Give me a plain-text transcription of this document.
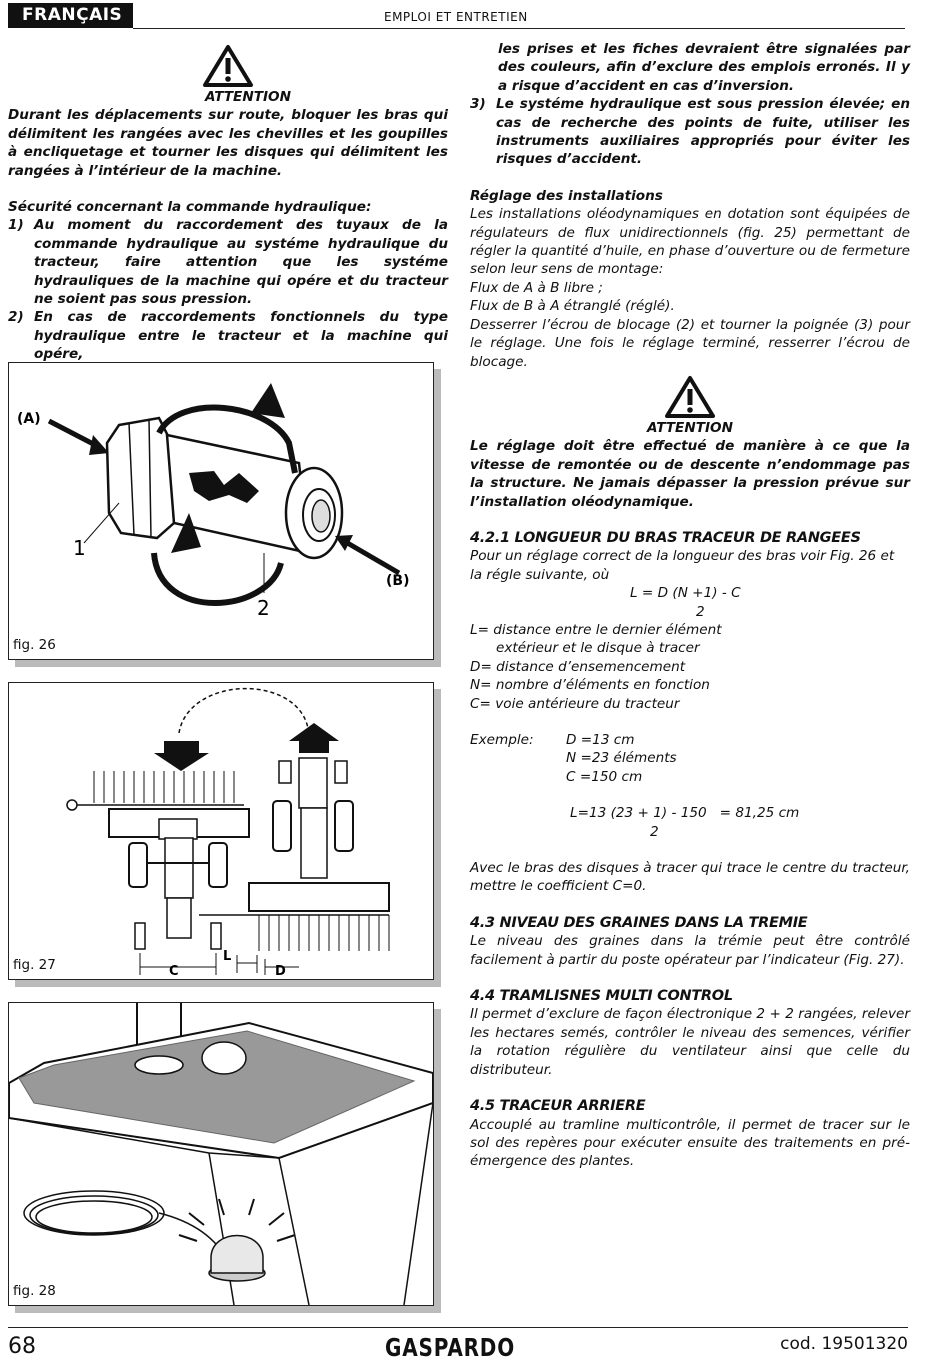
FRANÇAIS	EMPLOI ET ENTRETIEN
ATTENTION

Durant les déplacements sur route, bloquer les bras qui délimitent les rangées avec les chevilles et les goupilles à encliquetage et tourner les disques qui délimitent les rangées à l’intérieur de la machine.

Sécurité concernant la commande hydraulique:

1) Au moment du raccordement des tuyaux de la commande hydraulique au systéme hydraulique du tracteur, faire attention que les systéme hydrauliques de la machine qui opére et du tracteur ne soient pas sous pression.
2) En cas de raccordements fonctionnels du type hydraulique entre le tracteur et la machine qui opére,
(A)
(B)
1
2
fig. 26
C
L
D
fig. 27
fig. 28

les prises et les fiches devraient être signalées par des couleurs, afin d’exclure des emplois erronés. Il y a risque d’accident en cas d’inversion.

3) Le systéme hydraulique est sous pression élevée; en cas de recherche des points de fuite, utiliser les instruments auxiliaires appropriés pour éviter les risques d’accident.

Réglage des installations

Les installations oléodynamiques en dotation sont équipées de régulateurs de flux unidirectionnels (fig. 25) permettant de régler la quantité d’huile, en phase d’ouverture ou de fermeture selon leur sens de montage:

Flux de A à B libre ;

Flux de B à A étranglé (réglé).

Desserrer l’écrou de blocage (2) et tourner la poignée (3) pour le réglage. Une fois le réglage terminé, resserrer l’écrou de blocage.

ATTENTION

Le réglage doit être effectué de manière à ce que la vitesse de remontée ou de descente n’endommage pas la structure. Ne jamais dépasser la pression prévue sur l’installation oléodynamique.

4.2.1 LONGUEUR DU BRAS TRACEUR DE RANGEES

Pour un réglage correct de la longueur des bras voir Fig. 26 et la régle suivante, où

L = D (N +1) - C

2

L= distance entre le dernier élément

extérieur et le disque à tracer

D= distance d’ensemencement

N= nombre d’éléments en fonction

C= voie antérieure du tracteur

Exemple:	D =13 cm

N =23 éléments

C =150 cm

L=13 (23 + 1) - 150   = 81,25 cm

2

Avec le bras des disques à tracer qui trace le centre du tracteur, mettre le coefficient C=0.

4.3 NIVEAU DES GRAINES DANS LA TREMIE

Le niveau des graines dans la trémie peut être contrôlé facilement à partir du poste opérateur par l’indicateur (Fig. 27).

4.4 TRAMLISNES MULTI CONTROL

Il permet d’exclure de façon électronique 2 + 2 rangées, relever les hectares semés, contrôler le niveau des semences, vérifier la rotation régulière du ventilateur ainsi que celle du distributeur.

4.5 TRACEUR ARRIERE

Accouplé au tramline multicontrôle, il permet de tracer sur le sol des repères pour exécuter ensuite des traitements en pré-émergence des plantes.

68	GASPARDO	cod. 19501320
